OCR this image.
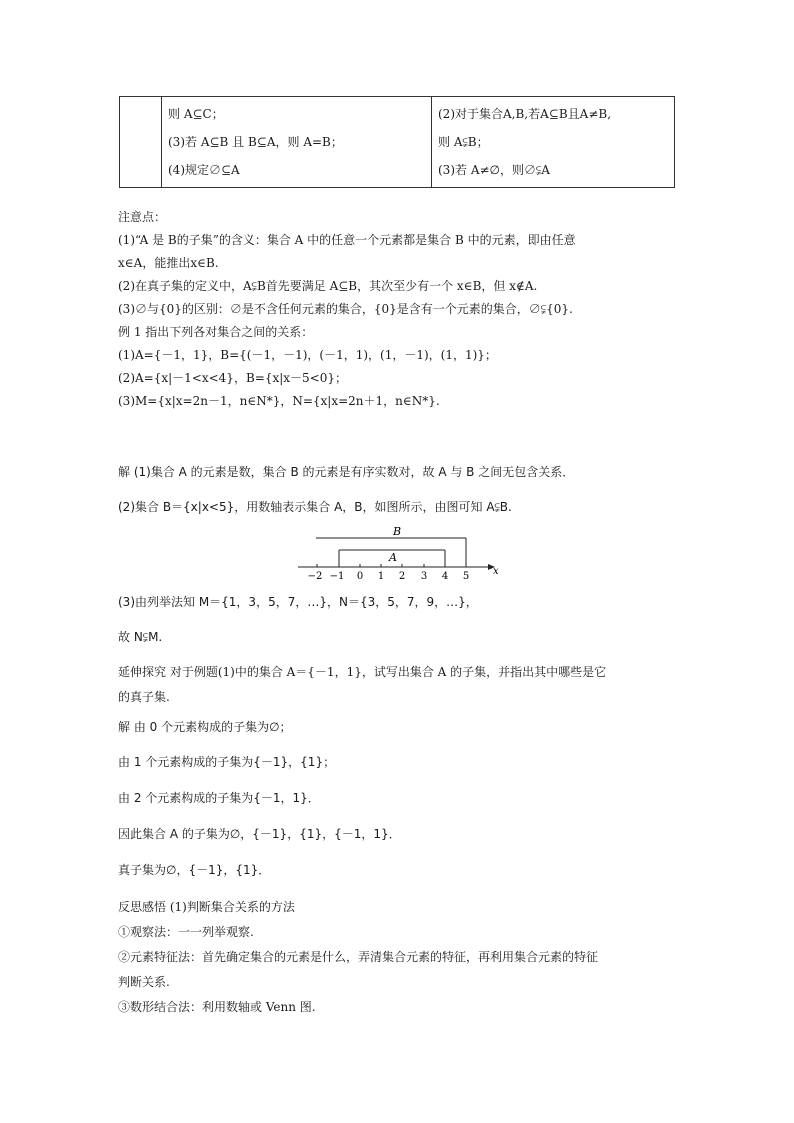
则 A⊆C；
(3)若 A⊆B 且 B⊆A，则 A=B；
(4)规定∅⊆A

(2)对于集合A,B,若A⊆B且A≠B,
则 A⫋B；
(3)若 A≠∅，则∅⫋A

注意点：

(1)“A 是 B的子集”的含义：集合 A 中的任意一个元素都是集合 B 中的元素，即由任意

x∈A，能推出x∈B.

(2)在真子集的定义中，A⫋B首先要满足 A⊆B，其次至少有一个 x∈B，但 x∉A.

(3)∅与{0}的区别：∅是不含任何元素的集合，{0}是含有一个元素的集合，∅⫋{0}.

例 1 指出下列各对集合之间的关系：

(1)A={－1，1}，B={(－1，－1)，(－1，1)，(1，－1)，(1，1)}；

(2)A={x|－1<x<4}，B={x|x－5<0}；

(3)M={x|x=2n－1，n∈N*}，N={x|x=2n＋1，n∈N*}.

解 (1)集合 A 的元素是数，集合 B 的元素是有序实数对，故 A 与 B 之间无包含关系．
(2)集合 B＝{x|x<5}，用数轴表示集合 A，B，如图所示，由图可知 A⫋B.
B
A
−2 −1 0 1 2 3 4 5 x
(3)由列举法知 M＝{1，3，5，7，…}，N＝{3，5，7，9，…}，
故 N⫋M.
延伸探究 对于例题(1)中的集合 A＝{－1，1}，试写出集合 A 的子集，并指出其中哪些是它
的真子集.
解 由 0 个元素构成的子集为∅；
由 1 个元素构成的子集为{－1}，{1}；
由 2 个元素构成的子集为{－1，1}．
因此集合 A 的子集为∅，{－1}，{1}，{－1，1}．
真子集为∅，{－1}，{1}．

反思感悟 (1)判断集合关系的方法

①观察法：一一列举观察.

②元素特征法：首先确定集合的元素是什么，弄清集合元素的特征，再利用集合元素的特征

判断关系.

③数形结合法：利用数轴或 Venn 图.
